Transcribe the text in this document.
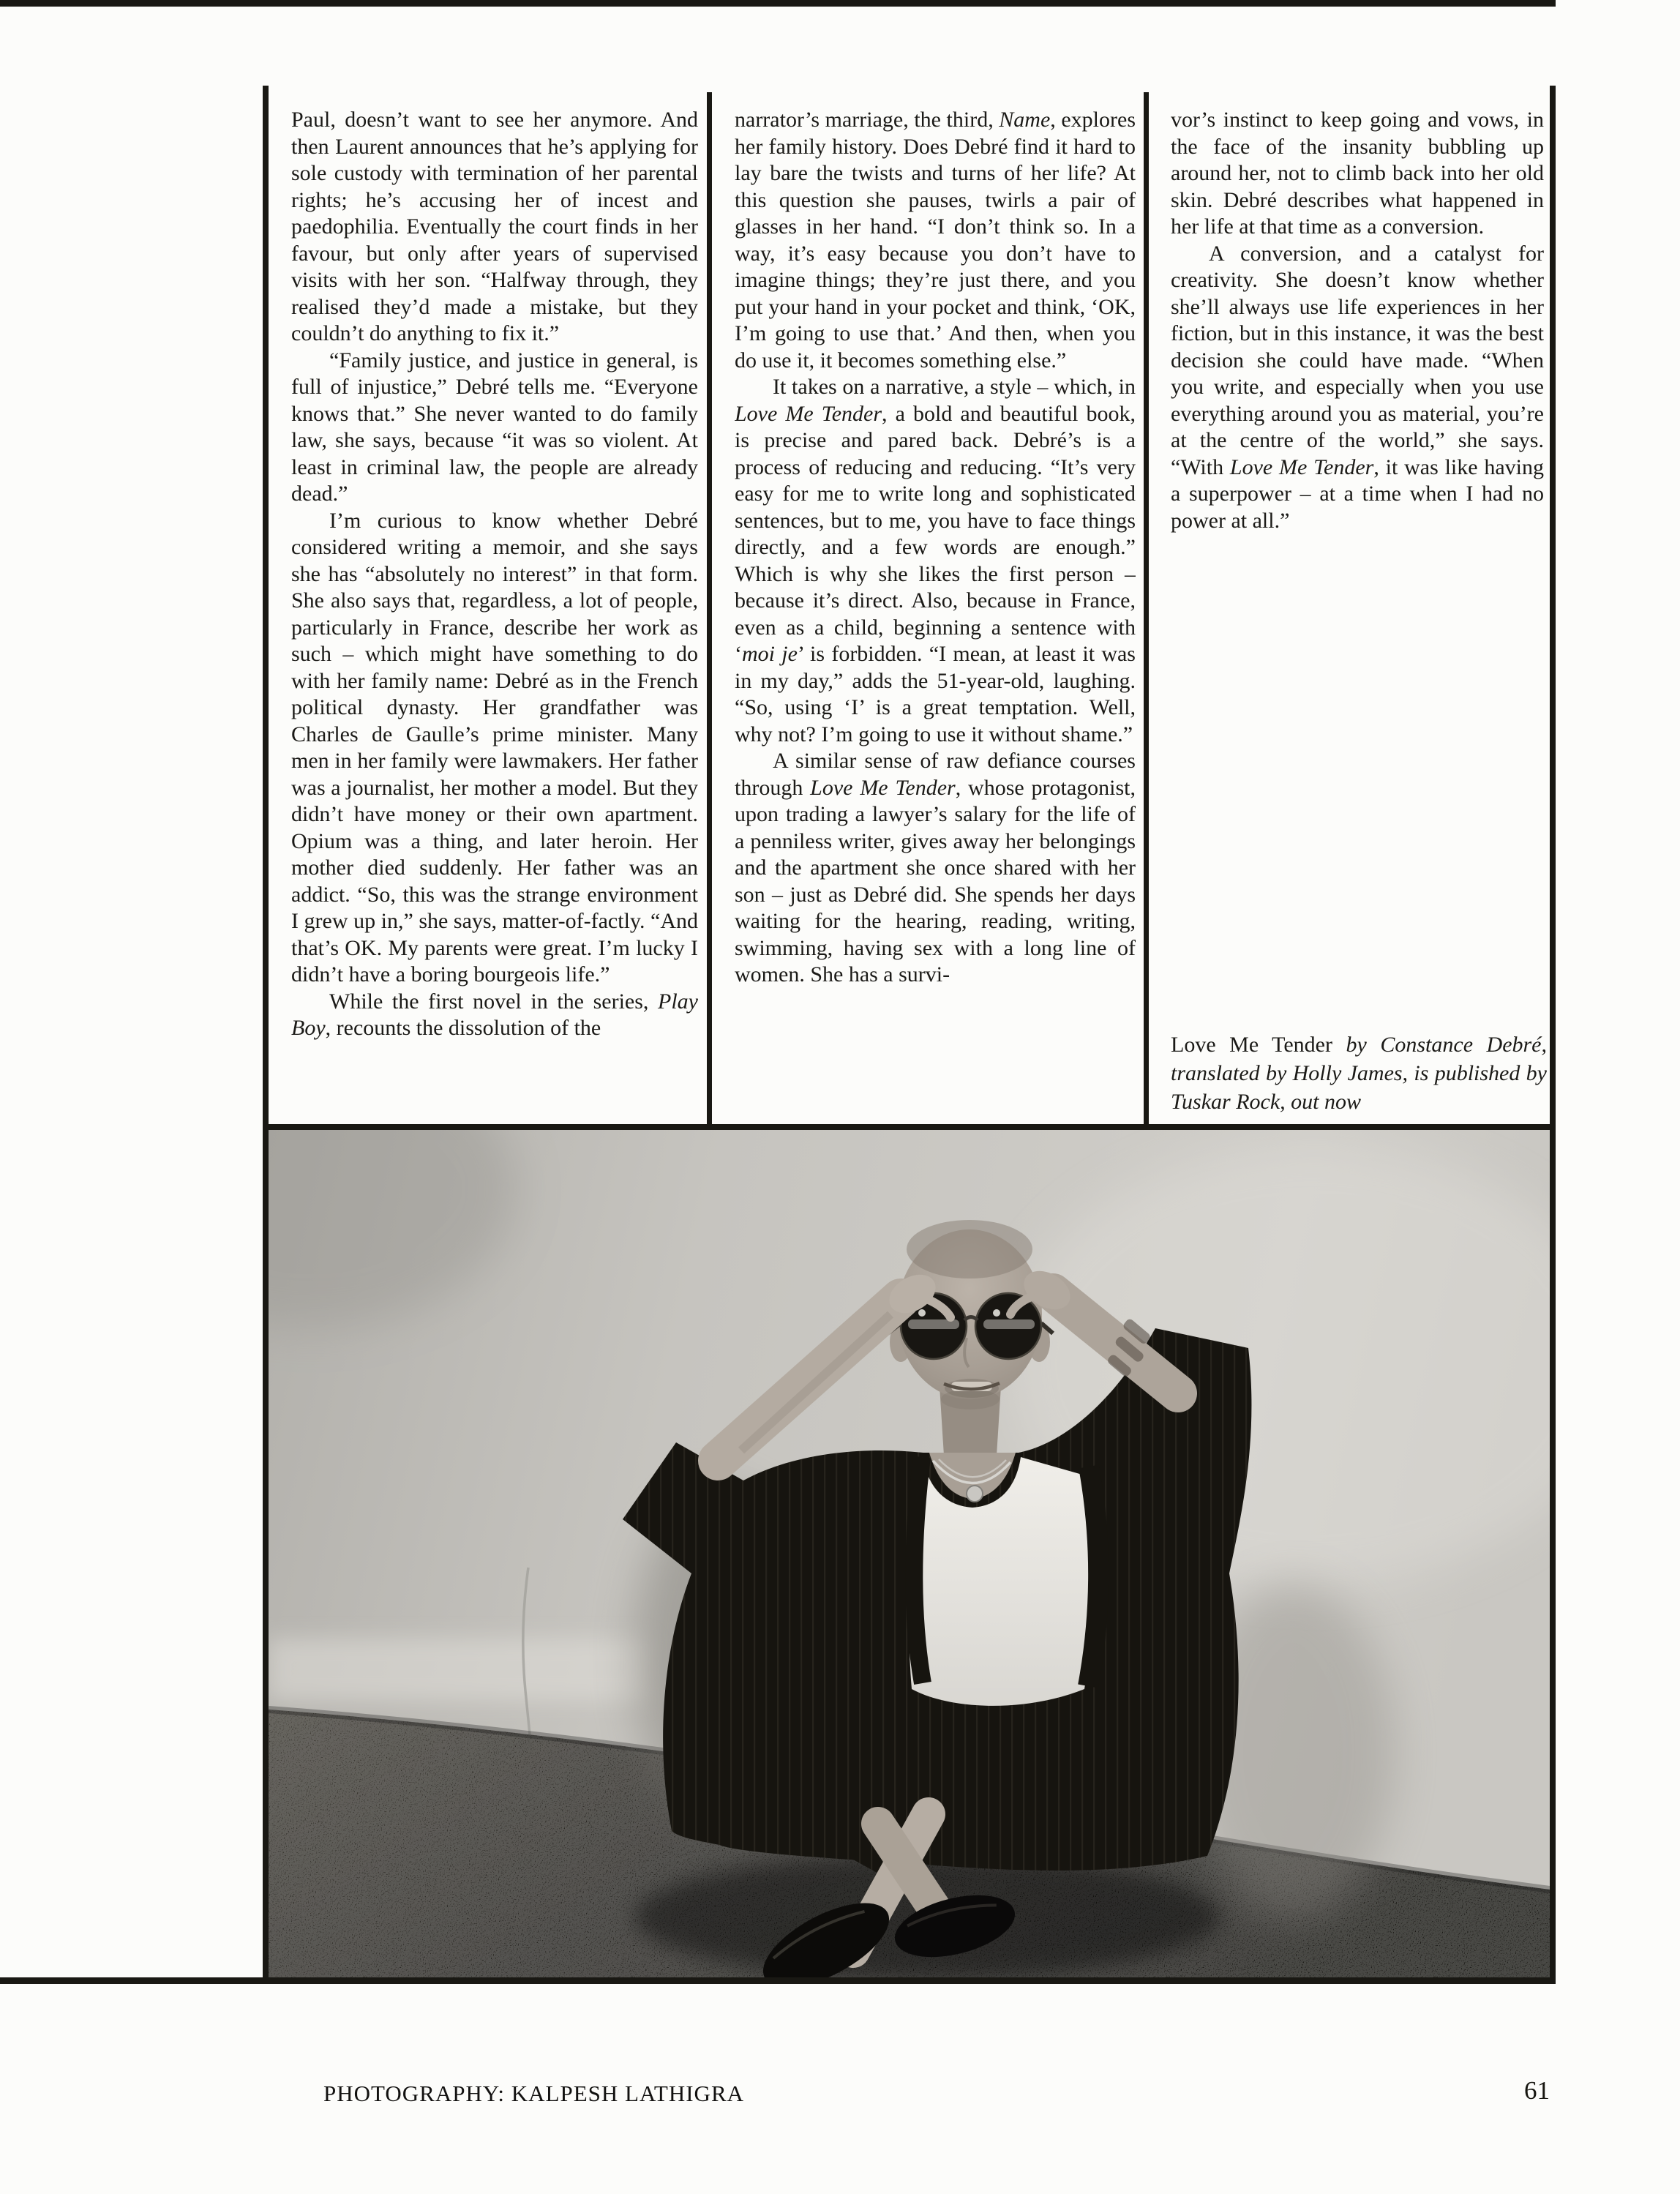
Paul, doesn’t want to see her anymore. And then Laurent announces that he’s applying for sole custody with termination of her parental rights; he’s accusing her of incest and paedophilia. Eventually the court finds in her favour, but only after years of supervised visits with her son. “Halfway through, they realised they’d made a mistake, but they couldn’t do anything to fix it.”

“Family justice, and justice in general, is full of injustice,” Debré tells me. “Everyone knows that.” She never wanted to do family law, she says, because “it was so violent. At least in criminal law, the people are already dead.”

I’m curious to know whether Debré considered writing a memoir, and she says she has “absolutely no interest” in that form. She also says that, regardless, a lot of people, particularly in France, describe her work as such – which might have something to do with her family name: Debré as in the French political dynasty. Her grandfather was Charles de Gaulle’s prime minister. Many men in her family were lawmakers. Her father was a journalist, her mother a model. But they didn’t have money or their own apartment. Opium was a thing, and later heroin. Her mother died suddenly. Her father was an addict. “So, this was the strange environment I grew up in,” she says, matter-of-factly. “And that’s OK. My parents were great. I’m lucky I didn’t have a boring bourgeois life.”

While the first novel in the series, Play Boy, recounts the dissolution of the

narrator’s marriage, the third, Name, explores her family history. Does Debré find it hard to lay bare the twists and turns of her life? At this question she pauses, twirls a pair of glasses in her hand. “I don’t think so. In a way, it’s easy because you don’t have to imagine things; they’re just there, and you put your hand in your pocket and think, ‘OK, I’m going to use that.’ And then, when you do use it, it becomes something else.”

It takes on a narrative, a style – which, in Love Me Tender, a bold and beautiful book, is precise and pared back. Debré’s is a process of reducing and reducing. “It’s very easy for me to write long and sophisticated sentences, but to me, you have to face things directly, and a few words are enough.” Which is why she likes the first person – because it’s direct. Also, because in France, even as a child, beginning a sentence with ‘moi je’ is forbidden. “I mean, at least it was in my day,” adds the 51-year-old, laughing. “So, using ‘I’ is a great temptation. Well, why not? I’m going to use it without shame.”

A similar sense of raw defiance courses through Love Me Tender, whose protagonist, upon trading a lawyer’s salary for the life of a penniless writer, gives away her belongings and the apartment she once shared with her son – just as Debré did. She spends her days waiting for the hearing, reading, writing, swimming, having sex with a long line of women. She has a survi-

vor’s instinct to keep going and vows, in the face of the insanity bubbling up around her, not to climb back into her old skin. Debré describes what happened in her life at that time as a conversion.

A conversion, and a catalyst for creativity. She doesn’t know whether she’ll always use life experiences in her fiction, but in this instance, it was the best decision she could have made. “When you write, and especially when you use everything around you as material, you’re at the centre of the world,” she says. “With Love Me Tender, it was like having a superpower – at a time when I had no power at all.”

Love Me Tender by Constance Debré, translated by Holly James, is published by Tuskar Rock, out now
PHOTOGRAPHY: KALPESH LATHIGRA	61
